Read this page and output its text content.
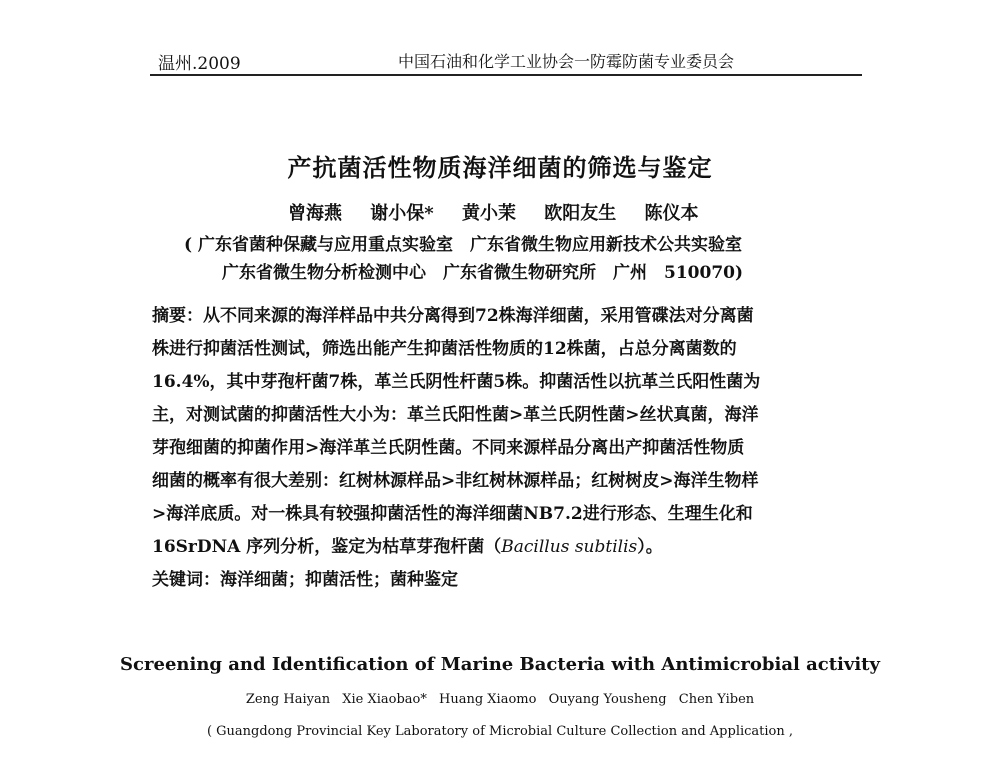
温州.2009	中国石油和化学工业协会一防霉防菌专业委员会
产抗菌活性物质海洋细菌的筛选与鉴定
曾海燕 谢小保* 黄小茉 欧阳友生 陈仪本
( 广东省菌种保藏与应用重点实验室　广东省微生物应用新技术公共实验室
广东省微生物分析检测中心　广东省微生物研究所　广州　510070)
摘要：从不同来源的海洋样品中共分离得到72株海洋细菌，采用管碟法对分离菌
株进行抑菌活性测试，筛选出能产生抑菌活性物质的12株菌，占总分离菌数的
16.4%，其中芽孢杆菌7株，革兰氏阴性杆菌5株。抑菌活性以抗革兰氏阳性菌为
主，对测试菌的抑菌活性大小为：革兰氏阳性菌>革兰氏阴性菌>丝状真菌，海洋
芽孢细菌的抑菌作用>海洋革兰氏阴性菌。不同来源样品分离出产抑菌活性物质
细菌的概率有很大差别：红树林源样品>非红树林源样品；红树树皮>海洋生物样
>海洋底质。对一株具有较强抑菌活性的海洋细菌NB7.2进行形态、生理生化和
16SrDNA 序列分析，鉴定为枯草芽孢杆菌（Bacillus subtilis）。
关键词：海洋细菌；抑菌活性；菌种鉴定
Screening and Identification of Marine Bacteria with Antimicrobial activity
Zeng Haiyan Xie Xiaobao* Huang Xiaomo Ouyang Yousheng Chen Yiben
( Guangdong Provincial Key Laboratory of Microbial Culture Collection and Application ,
